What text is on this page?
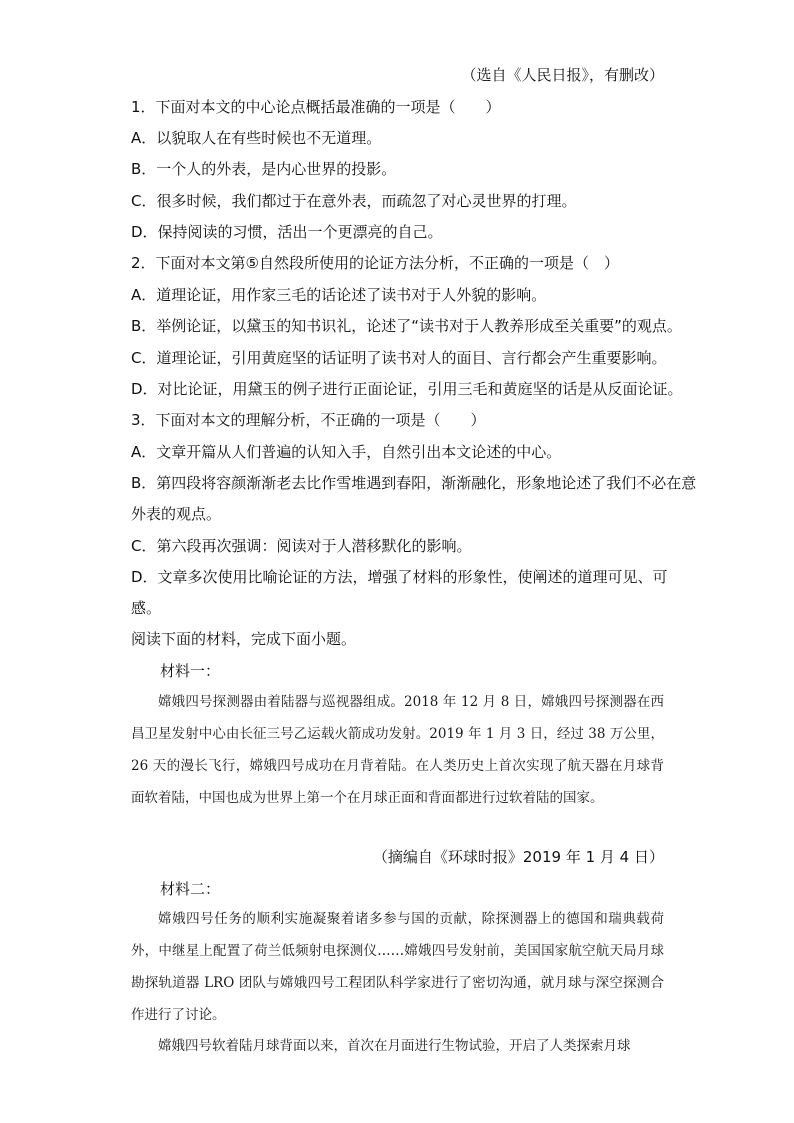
（选自《人民日报》，有删改）
1．下面对本文的中心论点概括最准确的一项是（　　）
A．以貌取人在有些时候也不无道理。
B．一个人的外表，是内心世界的投影。
C．很多时候，我们都过于在意外表，而疏忽了对心灵世界的打理。
D．保持阅读的习惯，活出一个更漂亮的自己。
2．下面对本文第⑤自然段所使用的论证方法分析，不正确的一项是（　）
A．道理论证，用作家三毛的话论述了读书对于人外貌的影响。
B．举例论证，以黛玉的知书识礼，论述了“读书对于人教养形成至关重要”的观点。
C．道理论证，引用黄庭坚的话证明了读书对人的面目、言行都会产生重要影响。
D．对比论证，用黛玉的例子进行正面论证，引用三毛和黄庭坚的话是从反面论证。
3．下面对本文的理解分析，不正确的一项是（　　）
A．文章开篇从人们普遍的认知入手，自然引出本文论述的中心。
B．第四段将容颜渐渐老去比作雪堆遇到春阳，渐渐融化，形象地论述了我们不必在意
外表的观点。
C．第六段再次强调：阅读对于人潜移默化的影响。
D．文章多次使用比喻论证的方法，增强了材料的形象性，使阐述的道理可见、可
感。
阅读下面的材料，完成下面小题。
材料一：
嫦娥四号探测器由着陆器与巡视器组成。2018 年 12 月 8 日，嫦娥四号探测器在西昌卫星发射中心由长征三号乙运载火箭成功发射。2019 年 1 月 3 日，经过 38 万公里，26 天的漫长飞行，嫦娥四号成功在月背着陆。在人类历史上首次实现了航天器在月球背面软着陆，中国也成为世界上第一个在月球正面和背面都进行过软着陆的国家。
（摘编自《环球时报》2019 年 1 月 4 日）
材料二：
嫦娥四号任务的顺利实施凝聚着诸多参与国的贡献，除探测器上的德国和瑞典载荷外，中继星上配置了荷兰低频射电探测仪……嫦娥四号发射前，美国国家航空航天局月球勘探轨道器 LRO 团队与嫦娥四号工程团队科学家进行了密切沟通，就月球与深空探测合作进行了讨论。
嫦娥四号软着陆月球背面以来，首次在月面进行生物试验，开启了人类探索月球
